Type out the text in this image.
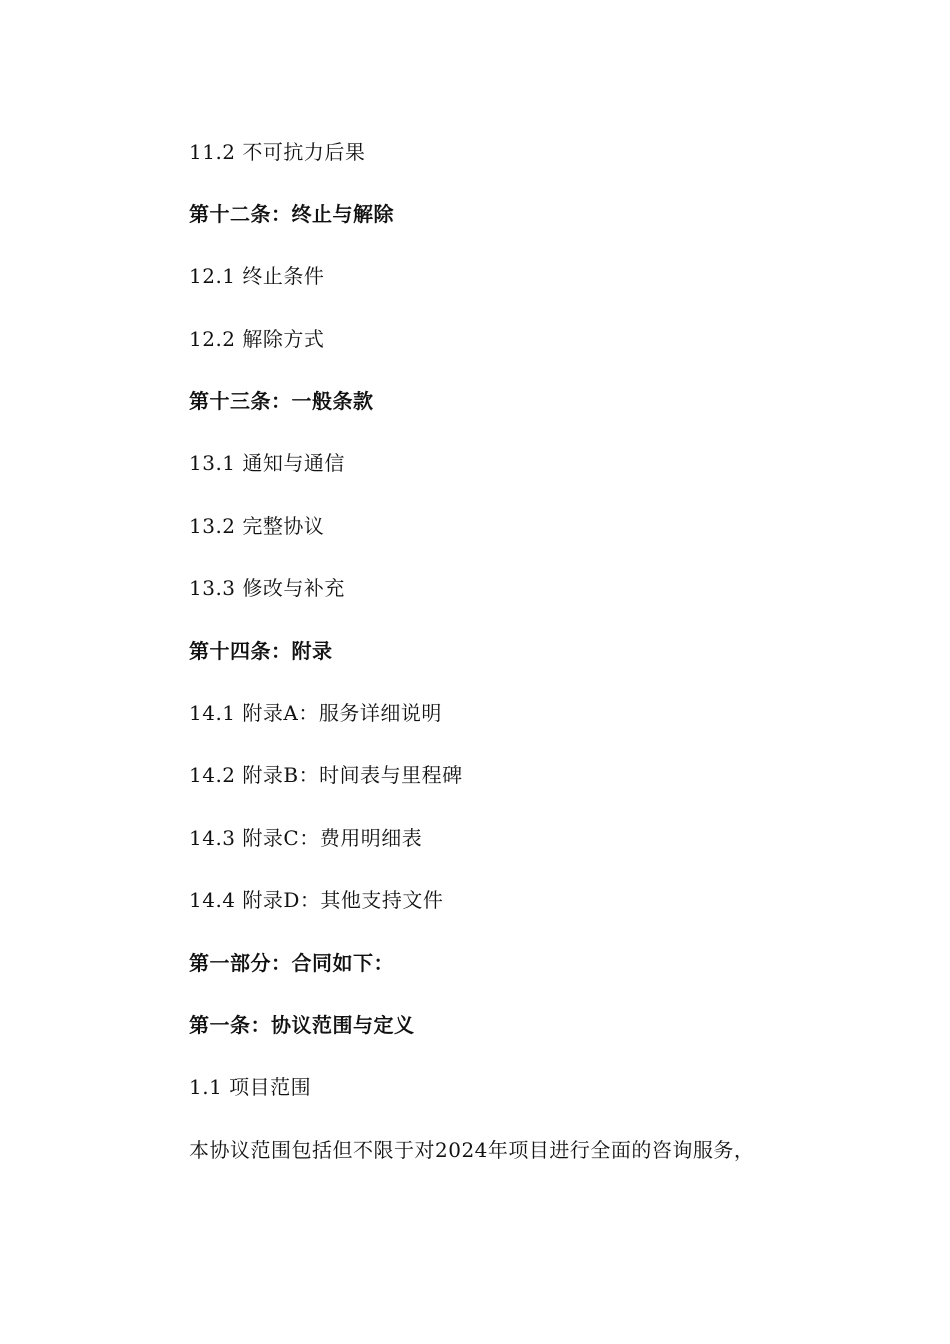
11.2 不可抗力后果
第十二条：终止与解除
12.1 终止条件
12.2 解除方式
第十三条：一般条款
13.1 通知与通信
13.2 完整协议
13.3 修改与补充
第十四条：附录
14.1 附录A：服务详细说明
14.2 附录B：时间表与里程碑
14.3 附录C：费用明细表
14.4 附录D：其他支持文件
第一部分：合同如下：
第一条：协议范围与定义
1.1 项目范围
本协议范围包括但不限于对2024年项目进行全面的咨询服务，
